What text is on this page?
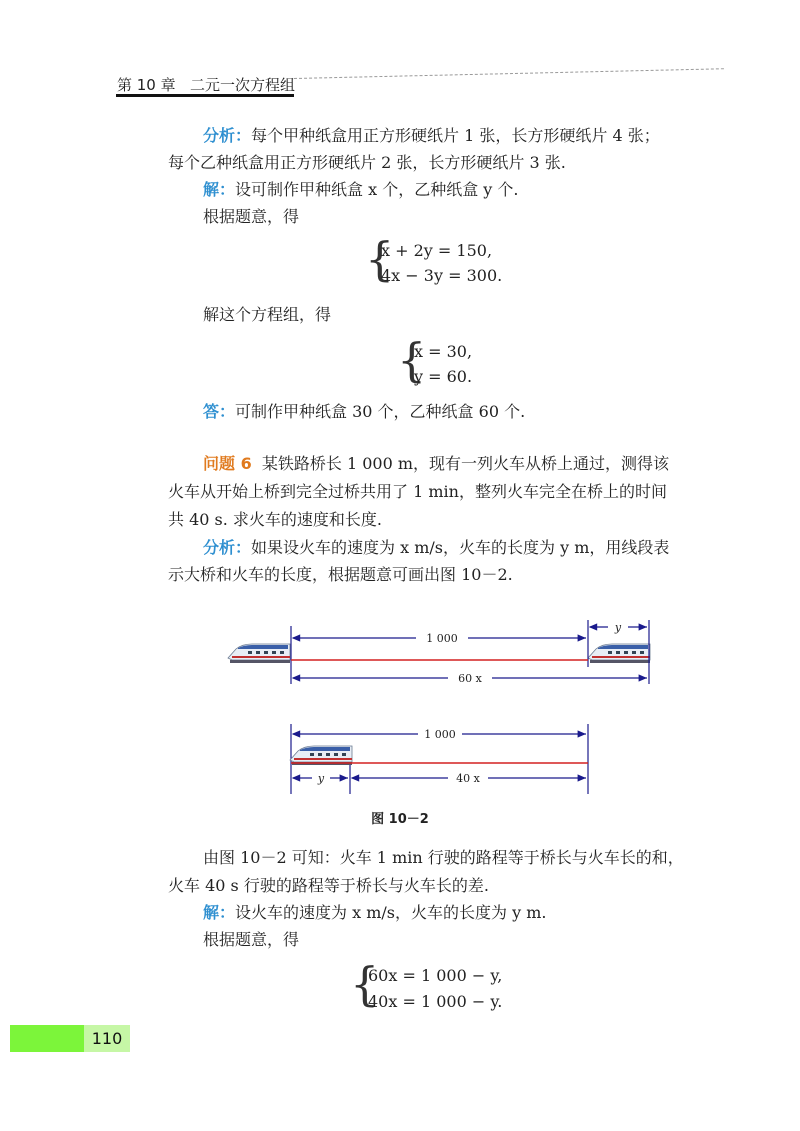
第 10 章 二元一次方程组
分析：每个甲种纸盒用正方形硬纸片 1 张，长方形硬纸片 4 张；
每个乙种纸盒用正方形硬纸片 2 张，长方形硬纸片 3 张.
解：设可制作甲种纸盒 x 个，乙种纸盒 y 个.
根据题意，得
{
x + 2y = 150,
4x − 3y = 300.
解这个方程组，得
{
x = 30,
y = 60.
答：可制作甲种纸盒 30 个，乙种纸盒 60 个.
问题 6 某铁路桥长 1 000 m，现有一列火车从桥上通过，测得该
火车从开始上桥到完全过桥共用了 1 min，整列火车完全在桥上的时间
共 40 s. 求火车的速度和长度.
分析：如果设火车的速度为 x m/s，火车的长度为 y m，用线段表
示大桥和火车的长度，根据题意可画出图 10－2.
1 000
y
60 x
1 000
y	40 x
图 10－2
由图 10－2 可知：火车 1 min 行驶的路程等于桥长与火车长的和，
火车 40 s 行驶的路程等于桥长与火车长的差.
解：设火车的速度为 x m/s，火车的长度为 y m.
根据题意，得
{
60x = 1 000 − y,
40x = 1 000 − y.
110
